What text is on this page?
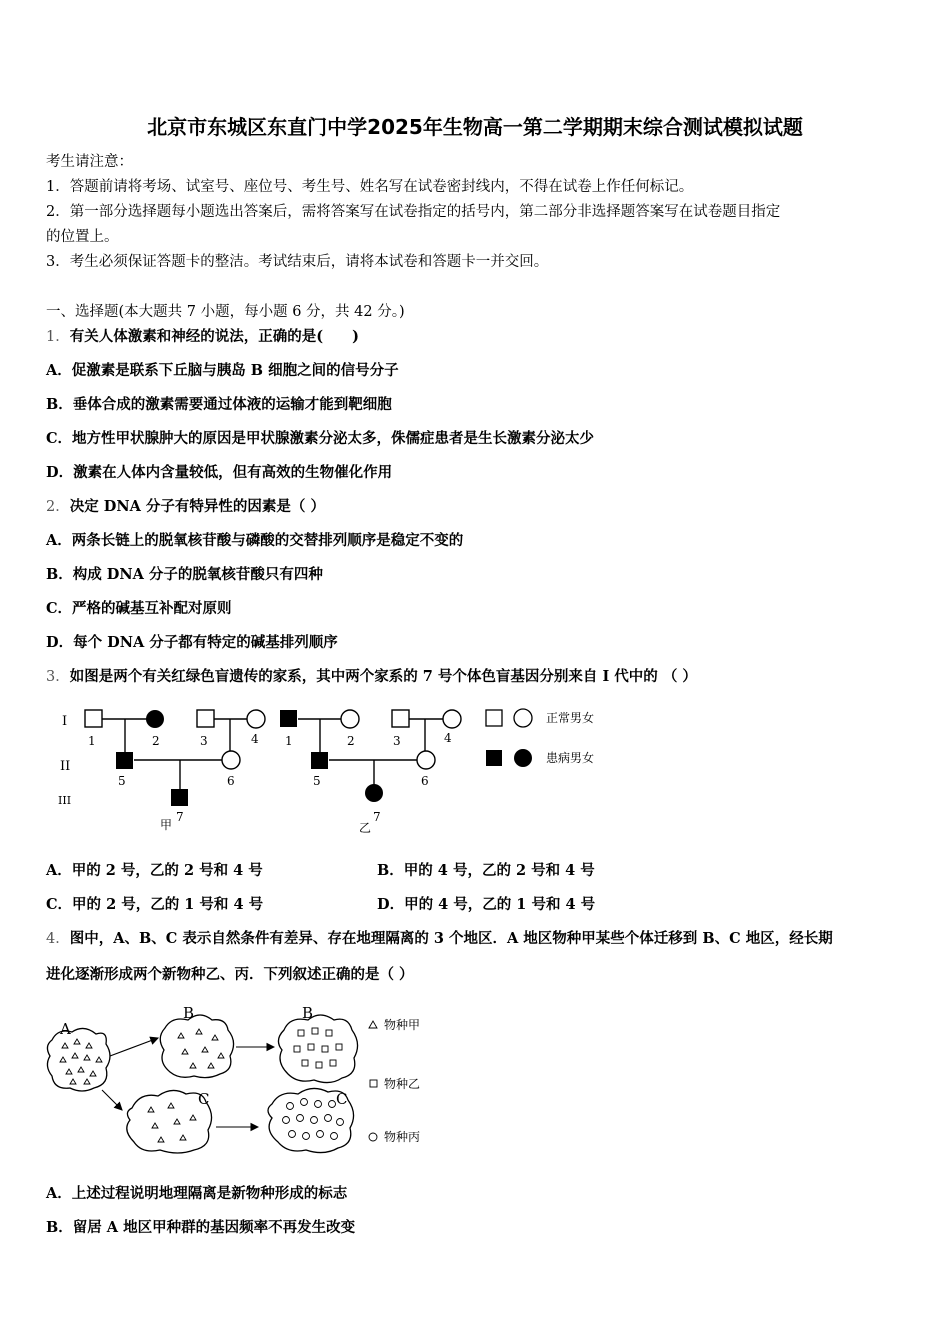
北京市东城区东直门中学2025年生物高一第二学期期末综合测试模拟试题
考生请注意：
1．答题前请将考场、试室号、座位号、考生号、姓名写在试卷密封线内，不得在试卷上作任何标记。
2．第一部分选择题每小题选出答案后，需将答案写在试卷指定的括号内，第二部分非选择题答案写在试卷题目指定
的位置上。
3．考生必须保证答题卡的整洁。考试结束后，请将本试卷和答题卡一并交回。
一、选择题(本大题共 7 小题，每小题 6 分，共 42 分。)
1．有关人体激素和神经的说法，正确的是(　　)
A．促激素是联系下丘脑与胰岛 B 细胞之间的信号分子
B．垂体合成的激素需要通过体液的运输才能到靶细胞
C．地方性甲状腺肿大的原因是甲状腺激素分泌太多，侏儒症患者是生长激素分泌太少
D．激素在人体内含量较低，但有高效的生物催化作用
2．决定 DNA 分子有特异性的因素是（ ）
A．两条长链上的脱氧核苷酸与磷酸的交替排列顺序是稳定不变的
B．构成 DNA 分子的脱氧核苷酸只有四种
C．严格的碱基互补配对原则
D．每个 DNA 分子都有特定的碱基排列顺序
3．如图是两个有关红绿色盲遗传的家系，其中两个家系的 7 号个体色盲基因分别来自 I 代中的 （ ）
I
II
III
1	2	3	4
5	6
7
甲
1	2	3	4
5	6
7
乙
正常男女
患病男女
A．甲的 2 号，乙的 2 号和 4 号	B．甲的 4 号，乙的 2 号和 4 号
C．甲的 2 号，乙的 1 号和 4 号	D．甲的 4 号，乙的 1 号和 4 号
4．图中，A、B、C 表示自然条件有差异、存在地理隔离的 3 个地区．A 地区物种甲某些个体迁移到 B、C 地区，经长期
进化逐渐形成两个新物种乙、丙．下列叙述正确的是（ ）
A
B
C
B
C
物种甲
物种乙
物种丙
A．上述过程说明地理隔离是新物种形成的标志
B．留居 A 地区甲种群的基因频率不再发生改变
